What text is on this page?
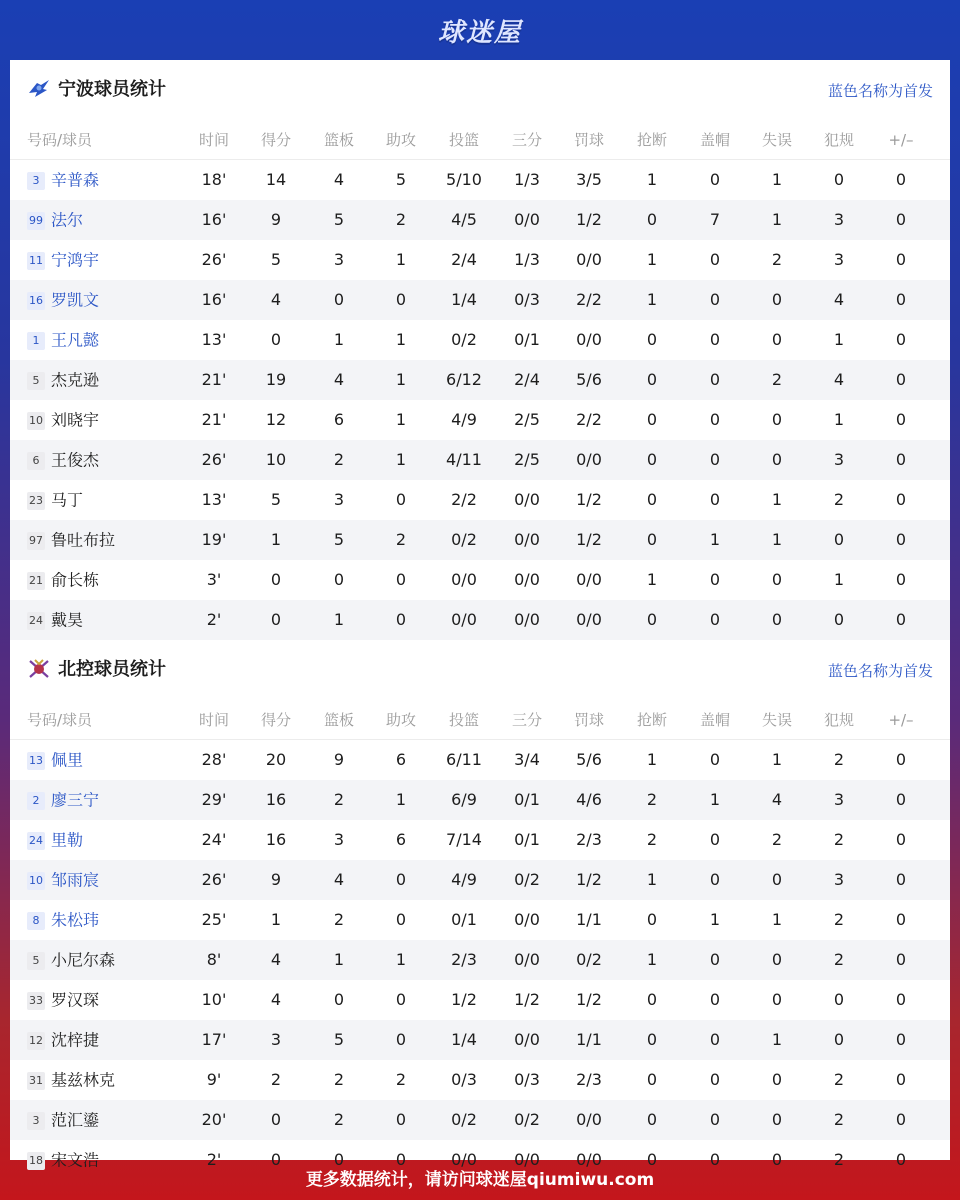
球迷屋
宁波球员统计	蓝色名称为首发
号码/球员	时间	得分	篮板	助攻	投篮	三分	罚球	抢断	盖帽	失误	犯规	+/–
3 辛普森	18'	14	4	5	5/10	1/3	3/5	1	0	1	0	0
99 法尔	16'	9	5	2	4/5	0/0	1/2	0	7	1	3	0
11 宁鸿宇	26'	5	3	1	2/4	1/3	0/0	1	0	2	3	0
16 罗凯文	16'	4	0	0	1/4	0/3	2/2	1	0	0	4	0
1 王凡懿	13'	0	1	1	0/2	0/1	0/0	0	0	0	1	0
5 杰克逊	21'	19	4	1	6/12	2/4	5/6	0	0	2	4	0
10 刘晓宇	21'	12	6	1	4/9	2/5	2/2	0	0	0	1	0
6 王俊杰	26'	10	2	1	4/11	2/5	0/0	0	0	0	3	0
23 马丁	13'	5	3	0	2/2	0/0	1/2	0	0	1	2	0
97 鲁吐布拉	19'	1	5	2	0/2	0/0	1/2	0	1	1	0	0
21 俞长栋	3'	0	0	0	0/0	0/0	0/0	1	0	0	1	0
24 戴昊	2'	0	1	0	0/0	0/0	0/0	0	0	0	0	0
北控球员统计	蓝色名称为首发
号码/球员	时间	得分	篮板	助攻	投篮	三分	罚球	抢断	盖帽	失误	犯规	+/–
13 佩里	28'	20	9	6	6/11	3/4	5/6	1	0	1	2	0
2 廖三宁	29'	16	2	1	6/9	0/1	4/6	2	1	4	3	0
24 里勒	24'	16	3	6	7/14	0/1	2/3	2	0	2	2	0
10 邹雨宸	26'	9	4	0	4/9	0/2	1/2	1	0	0	3	0
8 朱松玮	25'	1	2	0	0/1	0/0	1/1	0	1	1	2	0
5 小尼尔森	8'	4	1	1	2/3	0/0	0/2	1	0	0	2	0
33 罗汉琛	10'	4	0	0	1/2	1/2	1/2	0	0	0	0	0
12 沈梓捷	17'	3	5	0	1/4	0/0	1/1	0	0	1	0	0
31 基兹林克	9'	2	2	2	0/3	0/3	2/3	0	0	0	2	0
3 范汇鎏	20'	0	2	0	0/2	0/2	0/0	0	0	0	2	0
18 宋文浩	2'	0	0	0	0/0	0/0	0/0	0	0	0	2	0
更多数据统计，请访问球迷屋qiumiwu.com
